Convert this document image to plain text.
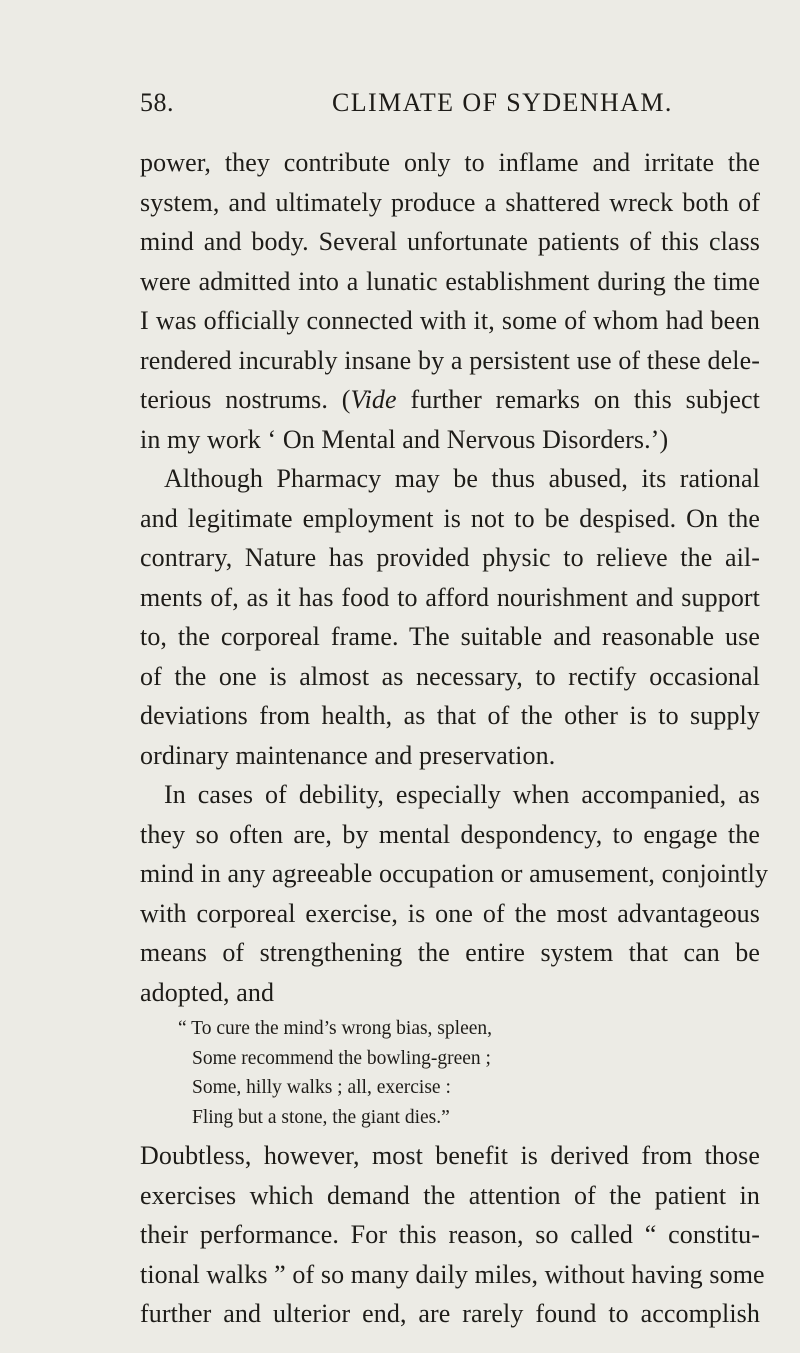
58.	CLIMATE OF SYDENHAM.
power, they contribute only to inflame and irritate the
system, and ultimately produce a shattered wreck both of
mind and body. Several unfortunate patients of this class
were admitted into a lunatic establishment during the time
I was officially connected with it, some of whom had been
rendered incurably insane by a persistent use of these dele-
terious nostrums. (Vide further remarks on this subject
in my work ‘ On Mental and Nervous Disorders.’)
Although Pharmacy may be thus abused, its rational
and legitimate employment is not to be despised. On the
contrary, Nature has provided physic to relieve the ail-
ments of, as it has food to afford nourishment and support
to, the corporeal frame. The suitable and reasonable use
of the one is almost as necessary, to rectify occasional
deviations from health, as that of the other is to supply
ordinary maintenance and preservation.
In cases of debility, especially when accompanied, as
they so often are, by mental despondency, to engage the
mind in any agreeable occupation or amusement, conjointly
with corporeal exercise, is one of the most advantageous
means of strengthening the entire system that can be
adopted, and
“ To cure the mind’s wrong bias, spleen,
Some recommend the bowling-green ;
Some, hilly walks ; all, exercise :
Fling but a stone, the giant dies.”
Doubtless, however, most benefit is derived from those
exercises which demand the attention of the patient in
their performance. For this reason, so called “ constitu-
tional walks ” of so many daily miles, without having some
further and ulterior end, are rarely found to accomplish
